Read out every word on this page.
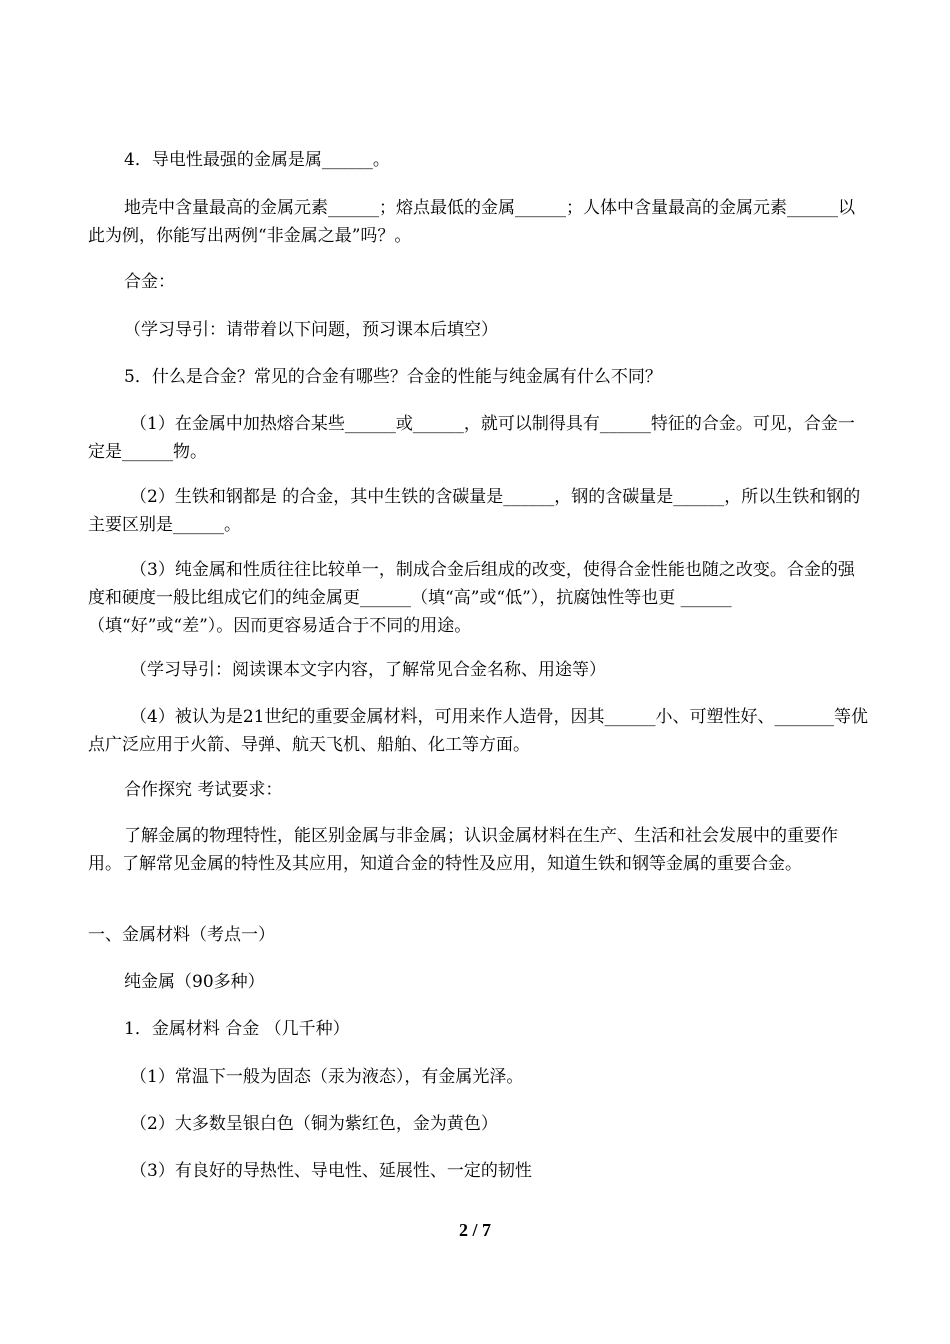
4．导电性最强的金属是属______。

地壳中含量最高的金属元素______；熔点最低的金属______；人体中含量最高的金属元素______以此为例，你能写出两例“非金属之最”吗？。

合金：

（学习导引：请带着以下问题，预习课本后填空）

5．什么是合金？常见的合金有哪些？合金的性能与纯金属有什么不同？

（1）在金属中加热熔合某些______或______，就可以制得具有______特征的合金。可见，合金一定是______物。

（2）生铁和钢都是 的合金，其中生铁的含碳量是______，钢的含碳量是______，所以生铁和钢的主要区别是______。

（3）纯金属和性质往往比较单一，制成合金后组成的改变，使得合金性能也随之改变。合金的强度和硬度一般比组成它们的纯金属更______（填“高”或“低”），抗腐蚀性等也更 ______（填“好”或“差”）。因而更容易适合于不同的用途。

（学习导引：阅读课本文字内容，了解常见合金名称、用途等）

（4）被认为是21世纪的重要金属材料，可用来作人造骨，因其______小、可塑性好、_______等优点广泛应用于火箭、导弹、航天飞机、船舶、化工等方面。

合作探究 考试要求：

了解金属的物理特性，能区别金属与非金属；认识金属材料在生产、生活和社会发展中的重要作用。了解常见金属的特性及其应用，知道合金的特性及应用，知道生铁和钢等金属的重要合金。

一、金属材料（考点一）

纯金属（90多种）

1．金属材料 合金 （几千种）

（1）常温下一般为固态（汞为液态），有金属光泽。

（2）大多数呈银白色（铜为紫红色，金为黄色）

（3）有良好的导热性、导电性、延展性、一定的韧性

2 / 7
